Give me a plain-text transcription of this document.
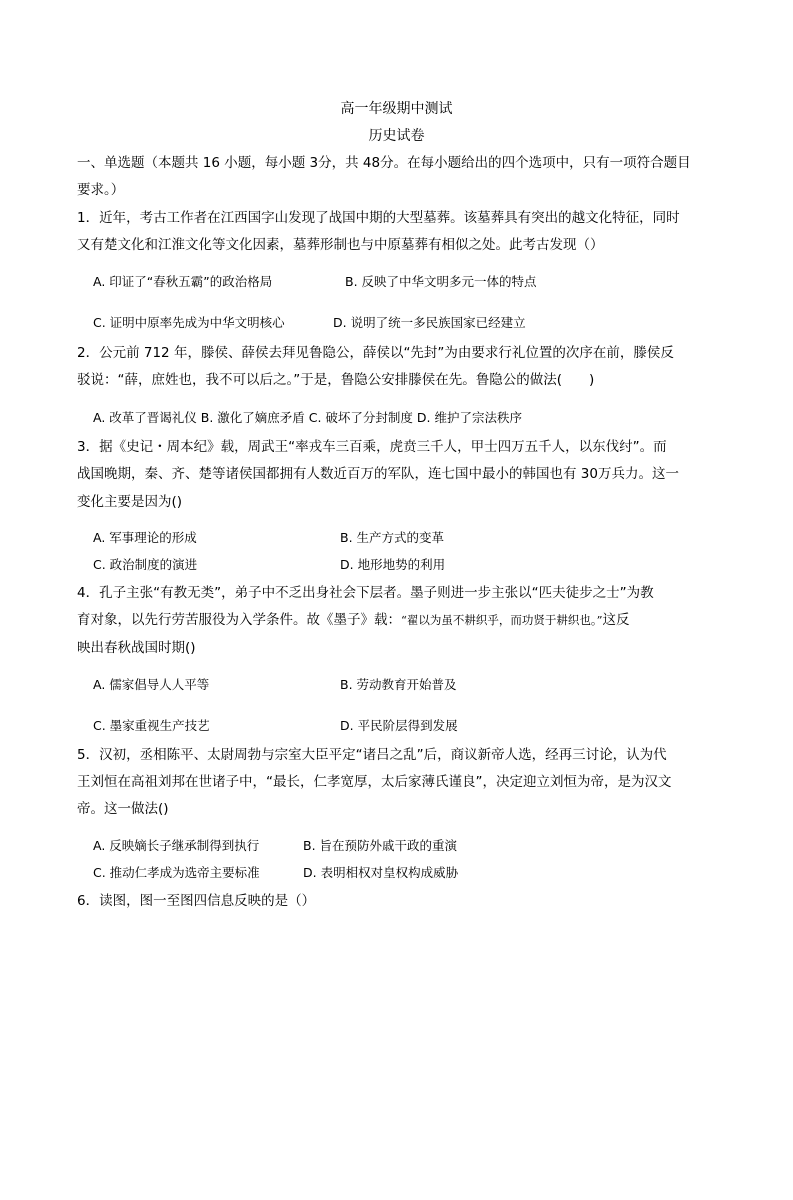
高一年级期中测试
历史试卷
一、单选题（本题共 16 小题，每小题 3分，共 48分。在每小题给出的四个选项中，只有一项符合题目
要求。）
1．近年，考古工作者在江西国字山发现了战国中期的大型墓葬。该墓葬具有突出的越文化特征，同时
又有楚文化和江淮文化等文化因素，墓葬形制也与中原墓葬有相似之处。此考古发现（）
A. 印证了“春秋五霸”的政治格局	B. 反映了中华文明多元一体的特点
C. 证明中原率先成为中华文明核心	D. 说明了统一多民族国家已经建立
2．公元前 712 年，滕侯、薛侯去拜见鲁隐公，薛侯以“先封”为由要求行礼位置的次序在前，滕侯反
驳说：“薛，庶姓也，我不可以后之。”于是，鲁隐公安排滕侯在先。鲁隐公的做法(　　)
A. 改革了晋谒礼仪 B. 激化了嫡庶矛盾 C. 破坏了分封制度 D. 维护了宗法秩序
3．据《史记・周本纪》载，周武王“率戎车三百乘，虎贲三千人，甲士四万五千人，以东伐纣”。而
战国晚期，秦、齐、楚等诸侯国都拥有人数近百万的军队，连七国中最小的韩国也有 30万兵力。这一
变化主要是因为()
A. 军事理论的形成	B. 生产方式的变革
C. 政治制度的演进	D. 地形地势的利用
4．孔子主张“有教无类”，弟子中不乏出身社会下层者。墨子则进一步主张以“匹夫徒步之士”为教
育对象，以先行劳苦服役为入学条件。故《墨子》载：“翟以为虽不耕织乎，而功贤于耕织也。”这反
映出春秋战国时期()
A. 儒家倡导人人平等	B. 劳动教育开始普及
C. 墨家重视生产技艺	D. 平民阶层得到发展
5．汉初，丞相陈平、太尉周勃与宗室大臣平定“诸吕之乱”后，商议新帝人选，经再三讨论，认为代
王刘恒在高祖刘邦在世诸子中，“最长，仁孝宽厚，太后家薄氏谨良”，决定迎立刘恒为帝，是为汉文
帝。这一做法()
A. 反映嫡长子继承制得到执行	B. 旨在预防外戚干政的重演
C. 推动仁孝成为选帝主要标准	D. 表明相权对皇权构成威胁
6．读图，图一至图四信息反映的是（）
